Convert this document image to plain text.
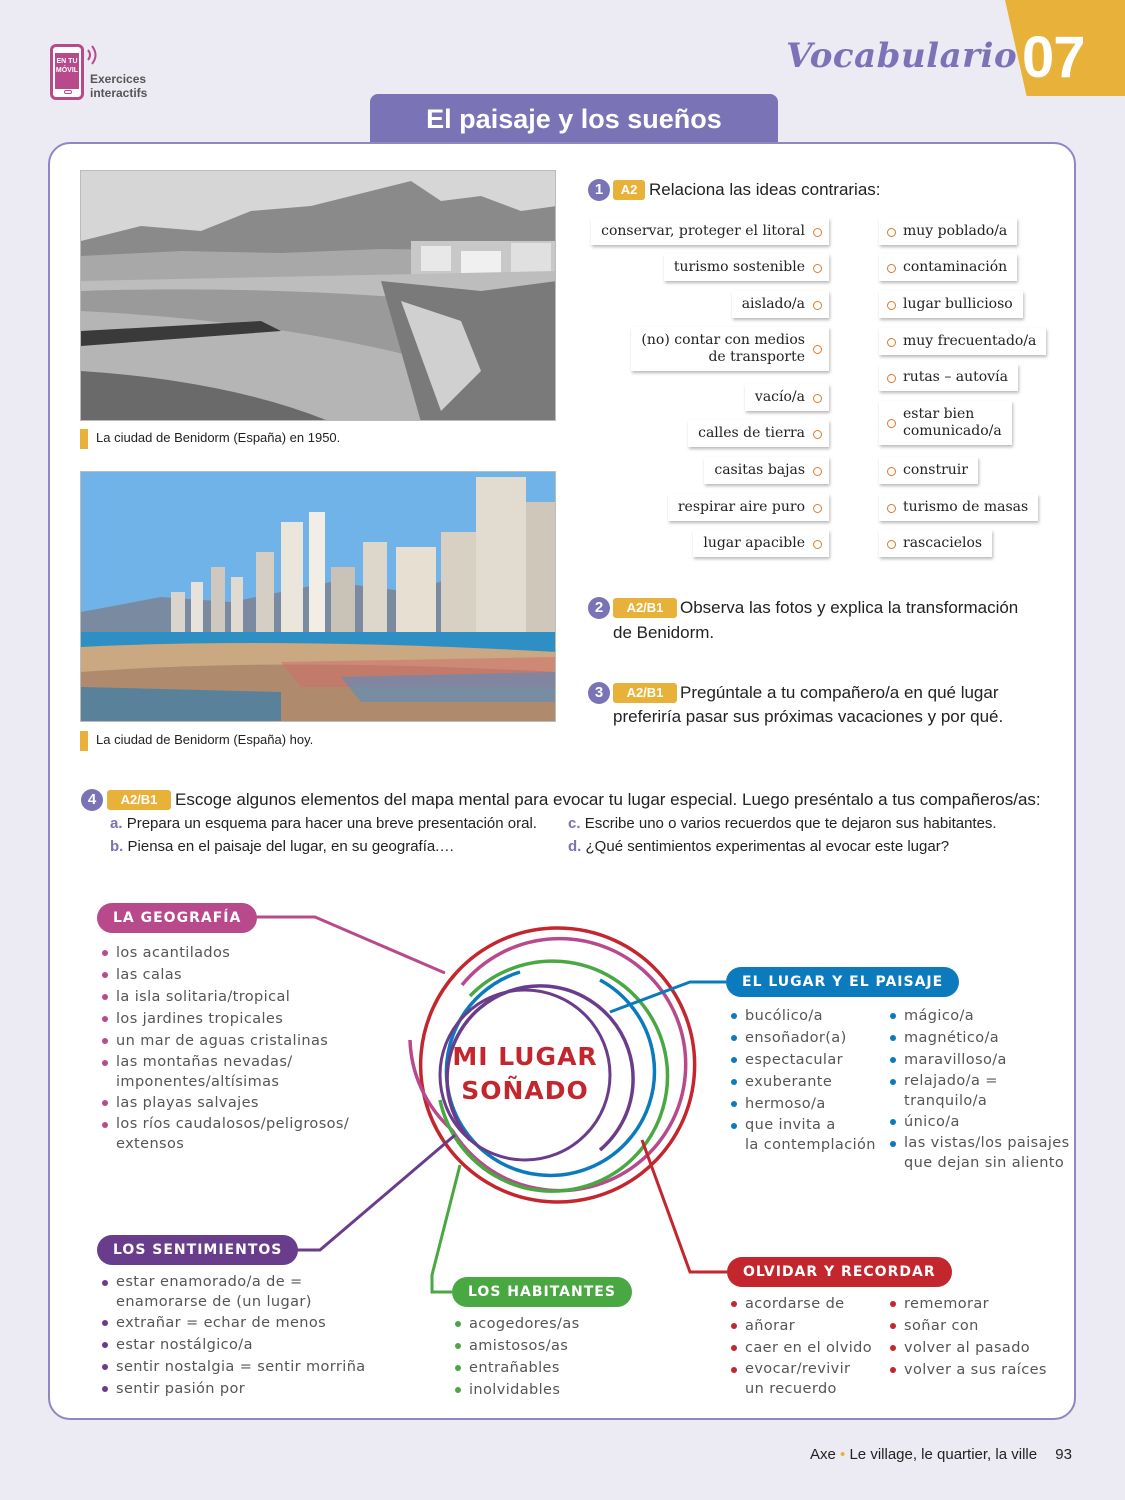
EN TU
MÓVIL
Exercices
interactifs
Vocabulario 07
El paisaje y los sueños
La ciudad de Benidorm (España) en 1950.
La ciudad de Benidorm (España) hoy.
1	A2 Relaciona las ideas contrarias:
conservar, proteger el litoral
turismo sostenible
aislado/a
(no) contar con medios
de transporte
vacío/a
calles de tierra
casitas bajas
respirar aire puro
lugar apacible
muy poblado/a
contaminación
lugar bullicioso
muy frecuentado/a
rutas – autovía
estar bien
comunicado/a
construir
turismo de masas
rascacielos
2	A2/B1 Observa las fotos y explica la transformación
de Benidorm.
3	A2/B1 Pregúntale a tu compañero/a en qué lugar
preferiría pasar sus próximas vacaciones y por qué.
4	A2/B1	Escoge algunos elementos del mapa mental para evocar tu lugar especial. Luego preséntalo a tus compañeros/as:
a. Prepara un esquema para hacer una breve presentación oral.
b. Piensa en el paisaje del lugar, en su geografía.…
c. Escribe uno o varios recuerdos que te dejaron sus habitantes.
d. ¿Qué sentimientos experimentas al evocar este lugar?
MI LUGAR
SOÑADO
LA GEOGRAFÍA
los acantilados
las calas
la isla solitaria/tropical
los jardines tropicales
un mar de aguas cristalinas
las montañas nevadas/
imponentes/altísimas
las playas salvajes
los ríos caudalosos/peligrosos/
extensos
EL LUGAR Y EL PAISAJE
bucólico/a
ensoñador(a)
espectacular
exuberante
hermoso/a
que invita a
la contemplación
mágico/a
magnético/a
maravilloso/a
relajado/a =
tranquilo/a
único/a
las vistas/los paisajes
que dejan sin aliento
LOS SENTIMIENTOS
estar enamorado/a de =
enamorarse de (un lugar)
extrañar = echar de menos
estar nostálgico/a
sentir nostalgia = sentir morriña
sentir pasión por
LOS HABITANTES
acogedores/as
amistosos/as
entrañables
inolvidables
OLVIDAR Y RECORDAR
acordarse de
añorar
caer en el olvido
evocar/revivir
un recuerdo
rememorar
soñar con
volver al pasado
volver a sus raíces
Axe • Le village, le quartier, la ville 93
